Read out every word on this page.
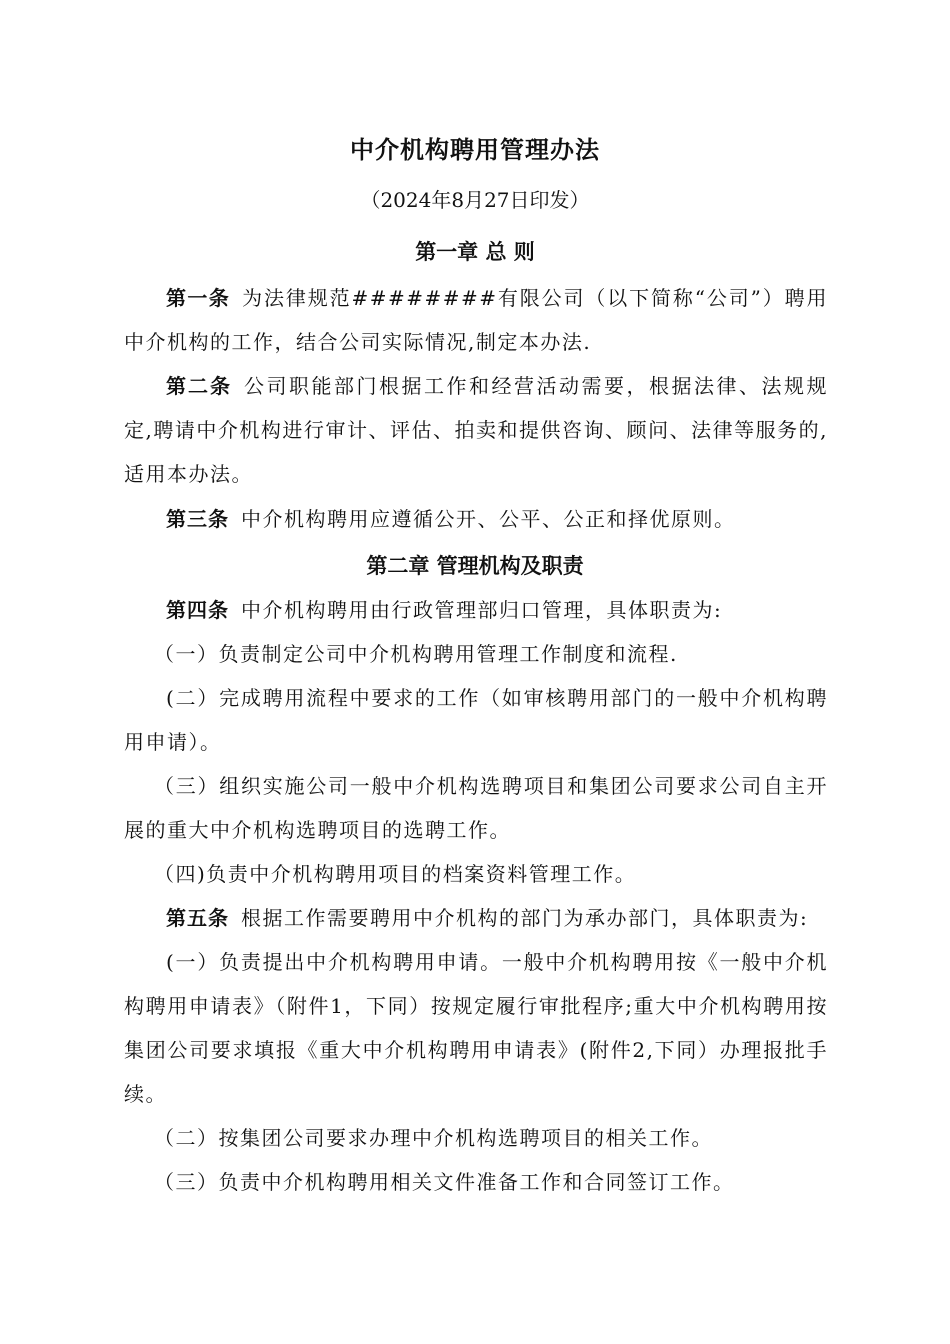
中介机构聘用管理办法

（2024年8月27日印发）

第一章 总 则

第一条 为法律规范########有限公司（以下简称“公司”）聘用中介机构的工作，结合公司实际情况,制定本办法.

第二条 公司职能部门根据工作和经营活动需要，根据法律、法规规定,聘请中介机构进行审计、评估、拍卖和提供咨询、顾问、法律等服务的,适用本办法。

第三条 中介机构聘用应遵循公开、公平、公正和择优原则。

第二章 管理机构及职责

第四条 中介机构聘用由行政管理部归口管理，具体职责为:

（一）负责制定公司中介机构聘用管理工作制度和流程.

(二）完成聘用流程中要求的工作（如审核聘用部门的一般中介机构聘用申请）。

（三）组织实施公司一般中介机构选聘项目和集团公司要求公司自主开展的重大中介机构选聘项目的选聘工作。

（四)负责中介机构聘用项目的档案资料管理工作。

第五条 根据工作需要聘用中介机构的部门为承办部门，具体职责为:

(一）负责提出中介机构聘用申请。一般中介机构聘用按《一般中介机构聘用申请表》（附件1，下同）按规定履行审批程序;重大中介机构聘用按集团公司要求填报《重大中介机构聘用申请表》(附件2,下同）办理报批手续。

（二）按集团公司要求办理中介机构选聘项目的相关工作。

（三）负责中介机构聘用相关文件准备工作和合同签订工作。
